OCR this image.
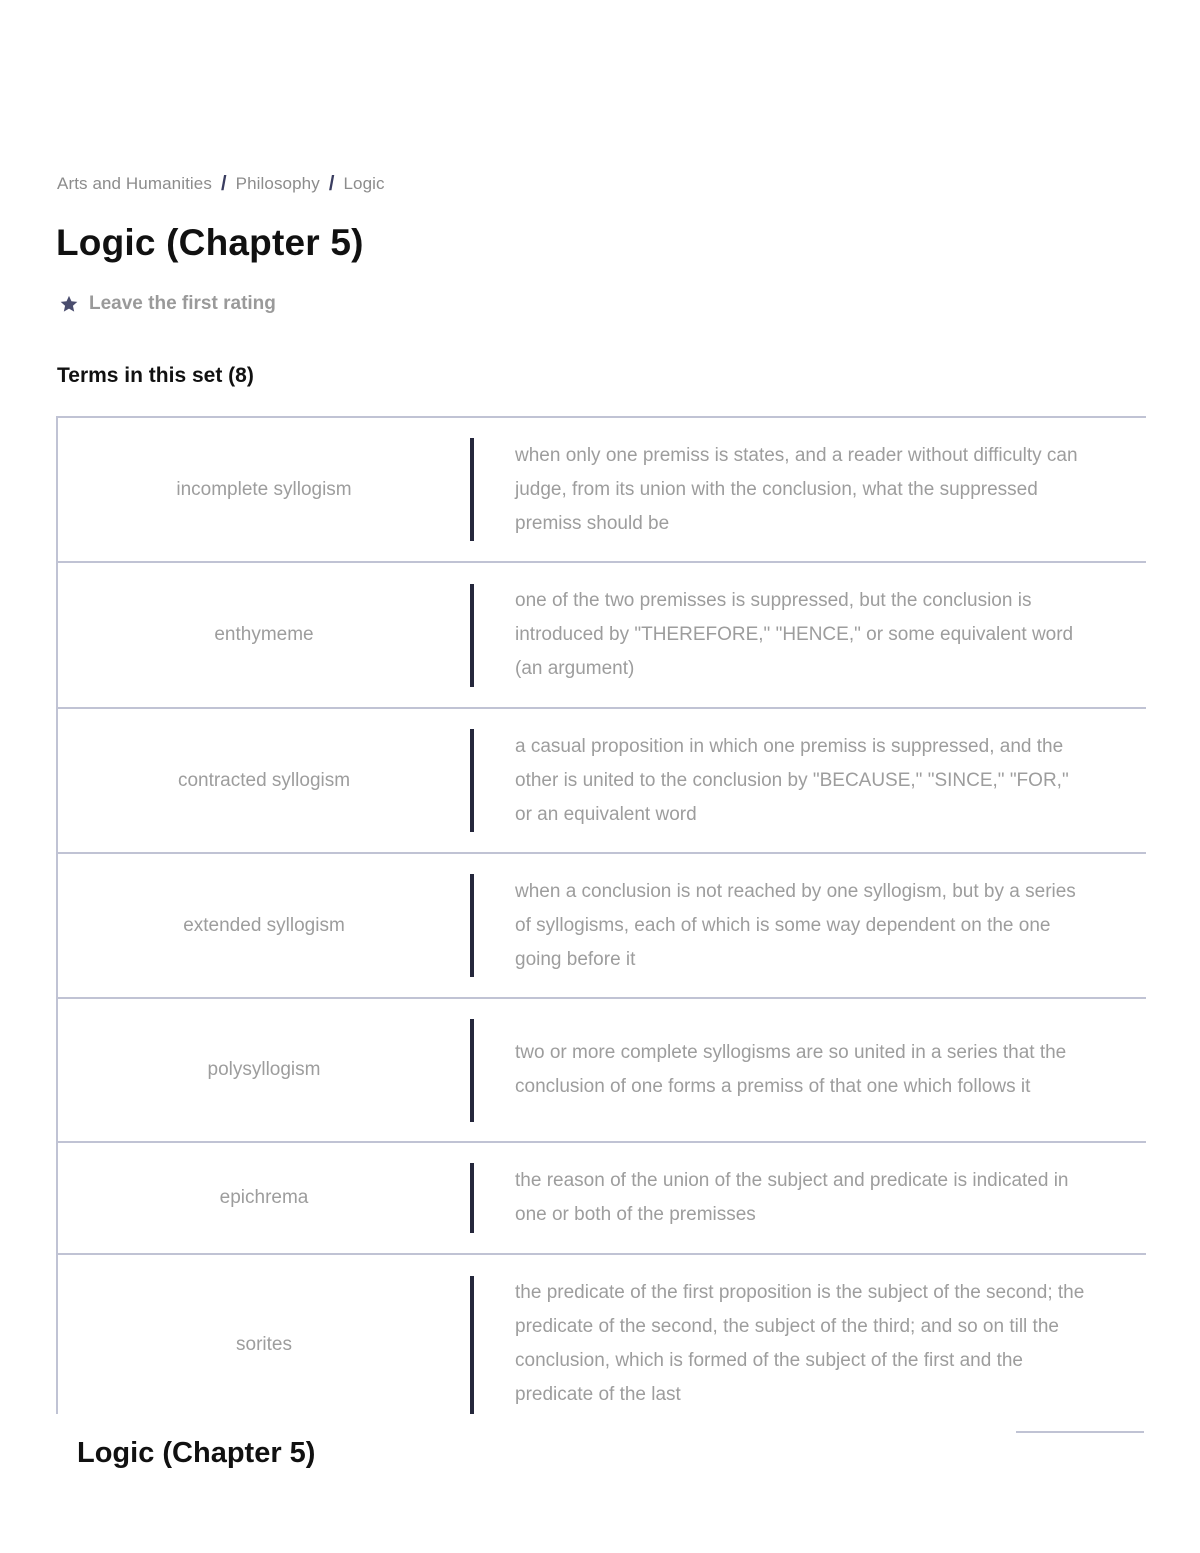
Arts and Humanities / Philosophy / Logic
Logic (Chapter 5)
Leave the first rating
Terms in this set (8)
incomplete syllogism
when only one premiss is states, and a reader without difficulty can judge, from its union with the conclusion, what the suppressed premiss should be
enthymeme
one of the two premisses is suppressed, but the conclusion is introduced by "THEREFORE," "HENCE," or some equivalent word (an argument)
contracted syllogism
a casual proposition in which one premiss is suppressed, and the other is united to the conclusion by "BECAUSE," "SINCE," "FOR," or an equivalent word
extended syllogism
when a conclusion is not reached by one syllogism, but by a series of syllogisms, each of which is some way dependent on the one going before it
polysyllogism
two or more complete syllogisms are so united in a series that the conclusion of one forms a premiss of that one which follows it
epichrema
the reason of the union of the subject and predicate is indicated in one or both of the premisses
sorites
the predicate of the first proposition is the subject of the second; the predicate of the second, the subject of the third; and so on till the conclusion, which is formed of the subject of the first and the predicate of the last
Logic (Chapter 5)
